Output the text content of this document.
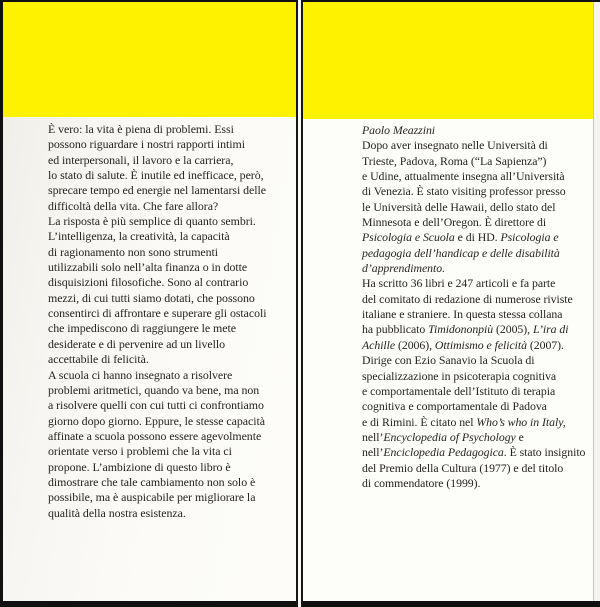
È vero: la vita è piena di problemi. Essi
possono riguardare i nostri rapporti intimi
ed interpersonali, il lavoro e la carriera,
lo stato di salute. È inutile ed inefficace, però,
sprecare tempo ed energie nel lamentarsi delle
difficoltà della vita. Che fare allora?
La risposta è più semplice di quanto sembri.
L’intelligenza, la creatività, la capacità
di ragionamento non sono strumenti
utilizzabili solo nell’alta finanza o in dotte
disquisizioni filosofiche. Sono al contrario
mezzi, di cui tutti siamo dotati, che possono
consentirci di affrontare e superare gli ostacoli
che impediscono di raggiungere le mete
desiderate e di pervenire ad un livello
accettabile di felicità.
A scuola ci hanno insegnato a risolvere
problemi aritmetici, quando va bene, ma non
a risolvere quelli con cui tutti ci confrontiamo
giorno dopo giorno. Eppure, le stesse capacità
affinate a scuola possono essere agevolmente
orientate verso i problemi che la vita ci
propone. L’ambizione di questo libro è
dimostrare che tale cambiamento non solo è
possibile, ma è auspicabile per migliorare la
qualità della nostra esistenza.
Paolo Meazzini
Dopo aver insegnato nelle Università di
Trieste, Padova, Roma (“La Sapienza”)
e Udine, attualmente insegna all’Università
di Venezia. È stato visiting professor presso
le Università delle Hawaii, dello stato del
Minnesota e dell’Oregon. È direttore di
Psicologia e Scuola e di HD. Psicologia e
pedagogia dell’handicap e delle disabilità
d’apprendimento.
Ha scritto 36 libri e 247 articoli e fa parte
del comitato di redazione di numerose riviste
italiane e straniere. In questa stessa collana
ha pubblicato Timidononpiù (2005), L’ira di
Achille (2006), Ottimismo e felicità (2007).
Dirige con Ezio Sanavio la Scuola di
specializzazione in psicoterapia cognitiva
e comportamentale dell’Istituto di terapia
cognitiva e comportamentale di Padova
e di Rimini. È citato nel Who’s who in Italy,
nell’Encyclopedia of Psychology e
nell’Enciclopedia Pedagogica. È stato insignito
del Premio della Cultura (1977) e del titolo
di commendatore (1999).
